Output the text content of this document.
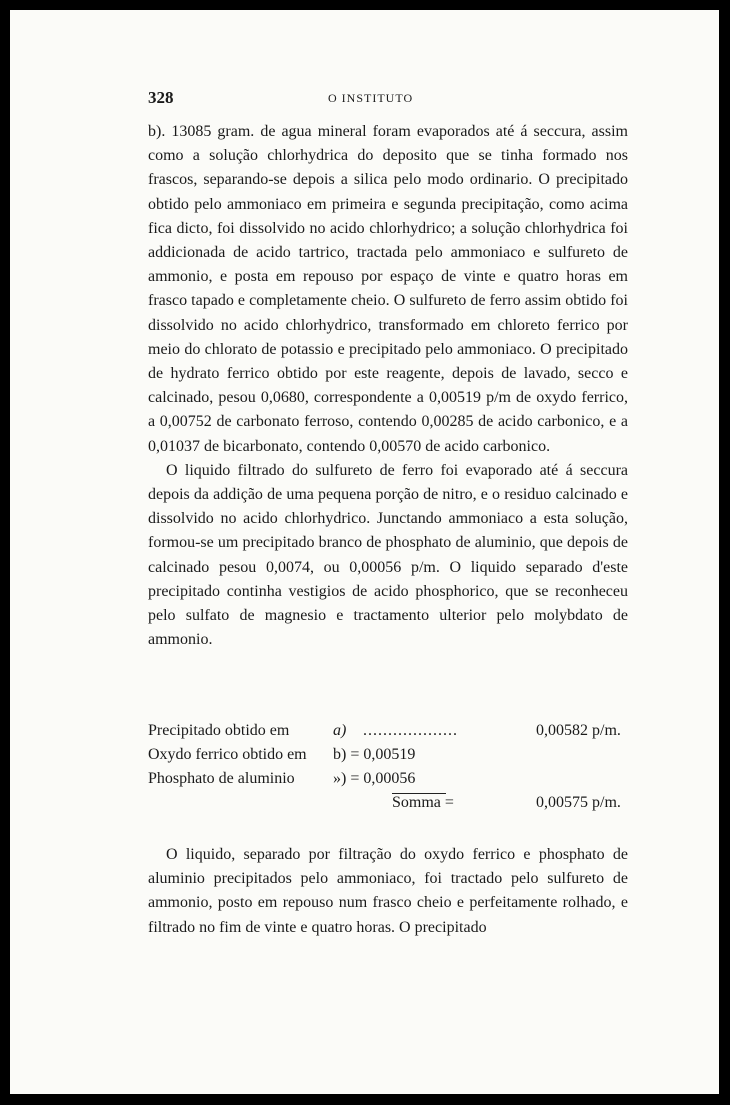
328	O INSTITUTO

b). 13085 gram. de agua mineral foram evaporados até á seccura, assim como a solução chlorhydrica do deposito que se tinha formado nos frascos, separando-se depois a silica pelo modo ordinario. O precipitado obtido pelo ammoniaco em primeira e segunda precipitação, como acima fica dicto, foi dissolvido no acido chlorhydrico; a solução chlorhydrica foi addicionada de acido tartrico, tractada pelo ammoniaco e sulfureto de ammonio, e posta em repouso por espaço de vinte e quatro horas em frasco tapado e completamente cheio. O sulfureto de ferro assim obtido foi dissolvido no acido chlorhydrico, transformado em chloreto ferrico por meio do chlorato de potassio e precipitado pelo ammoniaco. O precipitado de hydrato ferrico obtido por este reagente, depois de lavado, secco e calcinado, pesou 0,0680, correspondente a 0,00519 p/m de oxydo ferrico, a 0,00752 de carbonato ferroso, contendo 0,00285 de acido carbonico, e a 0,01037 de bicarbonato, contendo 0,00570 de acido carbonico.

O liquido filtrado do sulfureto de ferro foi evaporado até á seccura depois da addição de uma pequena porção de nitro, e o residuo calcinado e dissolvido no acido chlorhydrico. Junctando ammoniaco a esta solução, formou-se um precipitado branco de phosphato de aluminio, que depois de calcinado pesou 0,0074, ou 0,00056 p/m. O liquido separado d'este precipitado continha vestigios de acido phosphorico, que se reconheceu pelo sulfato de magnesio e tractamento ulterior pelo molybdato de ammonio.

Precipitado obtido em	a) ...................	0,00582 p/m.
Oxydo ferrico obtido em b) = 0,00519
Phosphato de aluminio ») = 0,00056
Somma =	0,00575 p/m.

O liquido, separado por filtração do oxydo ferrico e phosphato de aluminio precipitados pelo ammoniaco, foi tractado pelo sulfureto de ammonio, posto em repouso num frasco cheio e perfeitamente rolhado, e filtrado no fim de vinte e quatro horas. O precipitado
